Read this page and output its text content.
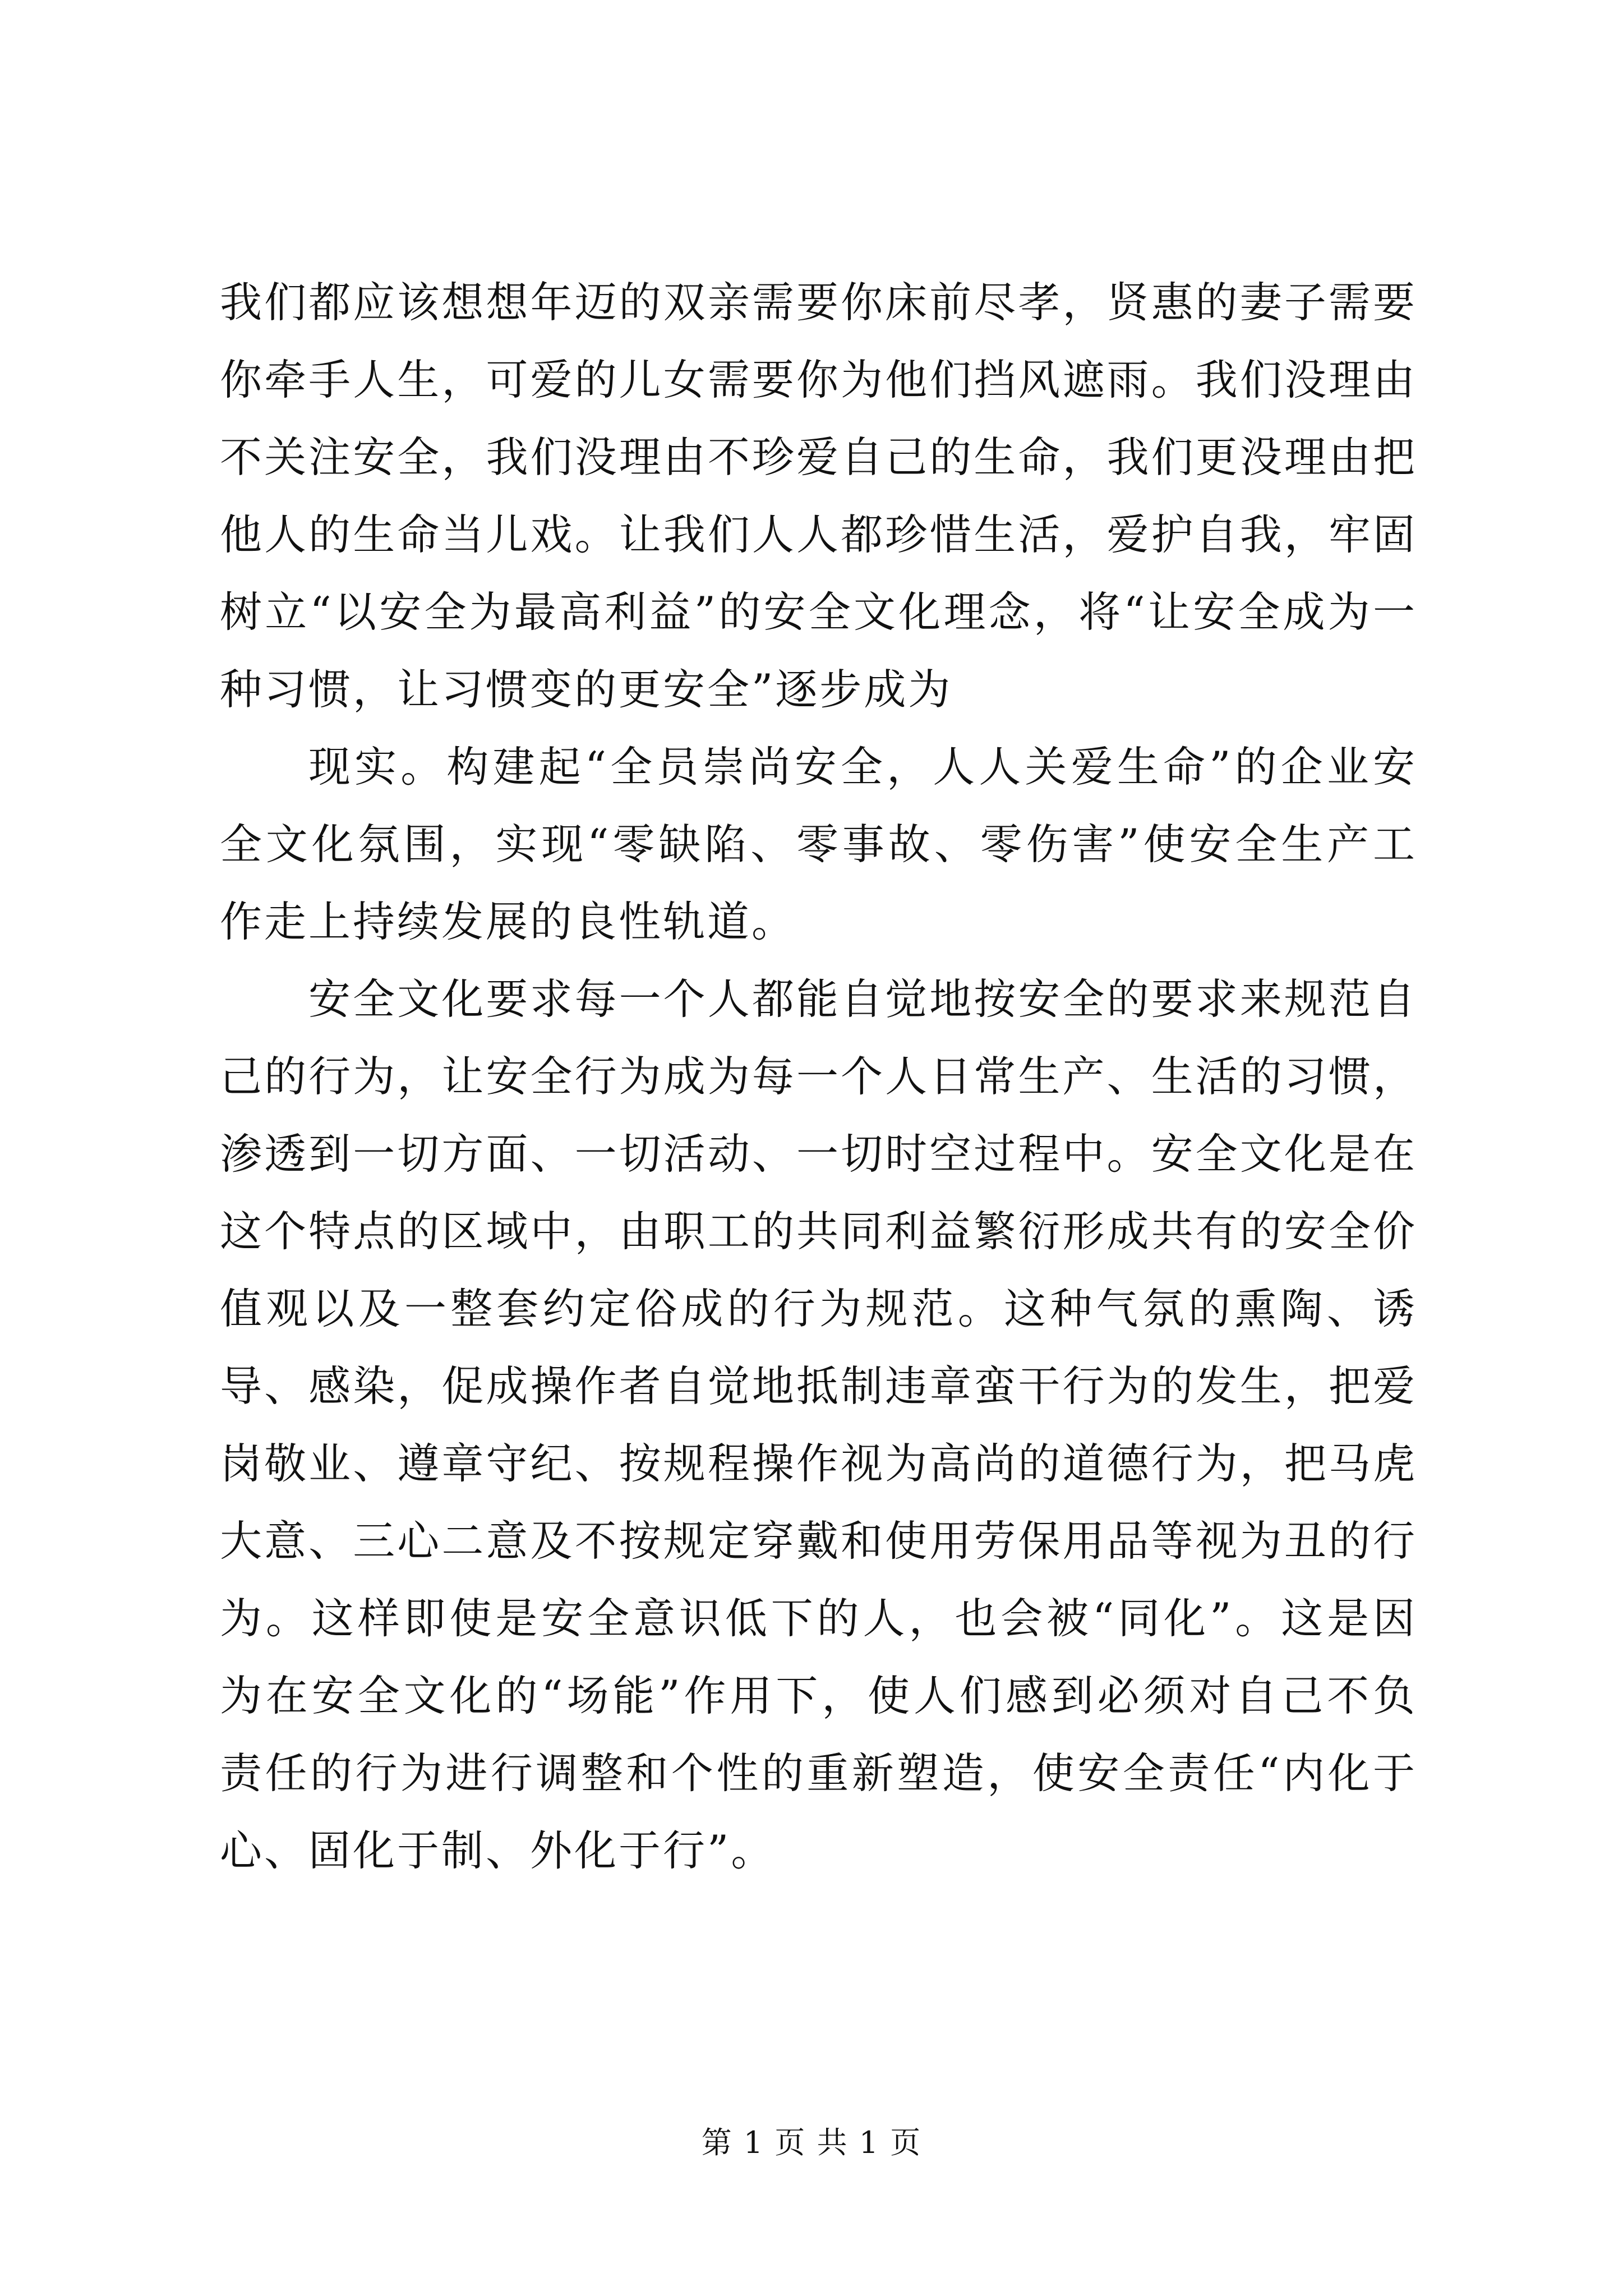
我们都应该想想年迈的双亲需要你床前尽孝，贤惠的妻子需要你牵手人生，可爱的儿女需要你为他们挡风遮雨。我们没理由不关注安全，我们没理由不珍爱自己的生命，我们更没理由把他人的生命当儿戏。让我们人人都珍惜生活，爱护自我，牢固树立“以安全为最高利益”的安全文化理念，将“让安全成为一种习惯，让习惯变的更安全”逐步成为

现实。构建起“全员崇尚安全，人人关爱生命”的企业安全文化氛围，实现“零缺陷、零事故、零伤害”使安全生产工作走上持续发展的良性轨道。

安全文化要求每一个人都能自觉地按安全的要求来规范自己的行为，让安全行为成为每一个人日常生产、生活的习惯，渗透到一切方面、一切活动、一切时空过程中。安全文化是在这个特点的区域中，由职工的共同利益繁衍形成共有的安全价值观以及一整套约定俗成的行为规范。这种气氛的熏陶、诱导、感染，促成操作者自觉地抵制违章蛮干行为的发生，把爱岗敬业、遵章守纪、按规程操作视为高尚的道德行为，把马虎大意、三心二意及不按规定穿戴和使用劳保用品等视为丑的行为。这样即使是安全意识低下的人，也会被“同化”。这是因为在安全文化的“场能”作用下，使人们感到必须对自己不负责任的行为进行调整和个性的重新塑造，使安全责任“内化于心、固化于制、外化于行”。

第 1 页 共 1 页
